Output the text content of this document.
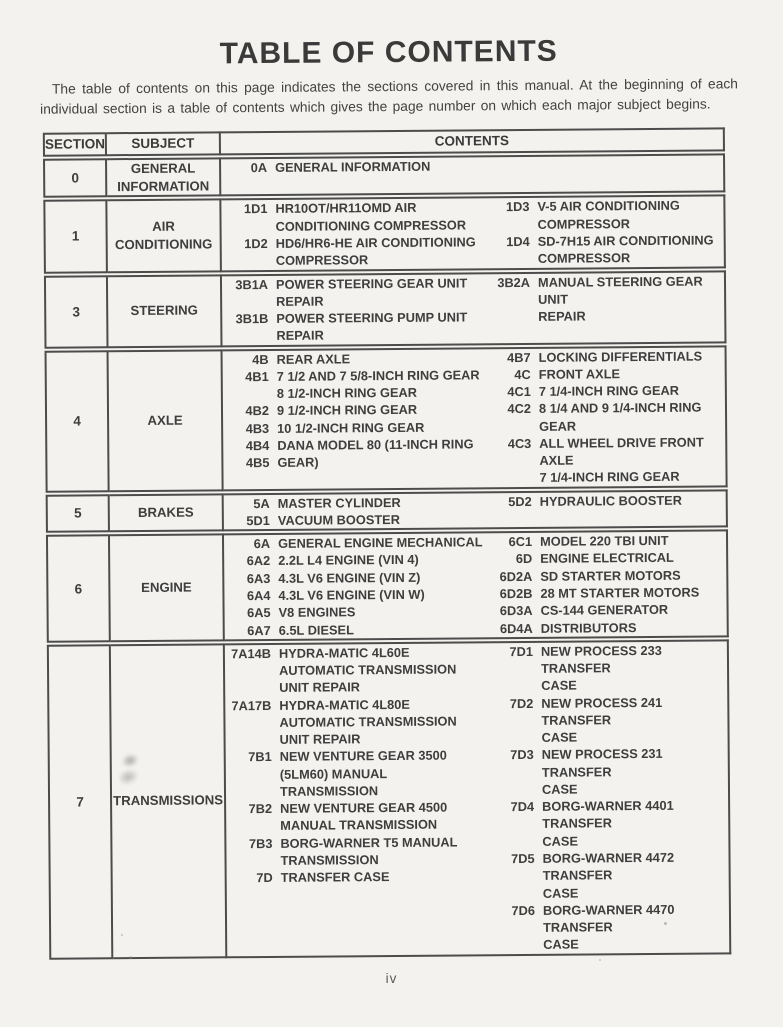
TABLE OF CONTENTS

The table of contents on this page indicates the sections covered in this manual. At the beginning of each individual section is a table of contents which gives the page number on which each major subject begins.

SECTION	SUBJECT	CONTENTS
0	GENERAL
INFORMATION	0A GENERAL INFORMATION

1	AIR
CONDITIONING	
1D1 HR10OT/HR11OMD AIR
CONDITIONING COMPRESSOR
1D2 HD6/HR6-HE AIR CONDITIONING
COMPRESSOR
1D3 V-5 AIR CONDITIONING
COMPRESSOR
1D4 SD-7H15 AIR CONDITIONING
COMPRESSOR

3	STEERING	
3B1A POWER STEERING GEAR UNIT
REPAIR
3B1B POWER STEERING PUMP UNIT
REPAIR
3B2A MANUAL STEERING GEAR UNIT
REPAIR

4	AXLE	
4B REAR AXLE
4B1 7 1/2 AND 7 5/8-INCH RING GEAR
8 1/2-INCH RING GEAR
4B2 9 1/2-INCH RING GEAR
4B3 10 1/2-INCH RING GEAR
4B4 DANA MODEL 80 (11-INCH RING
4B5 GEAR)
4B7 LOCKING DIFFERENTIALS
4C FRONT AXLE
4C1 7 1/4-INCH RING GEAR
4C2 8 1/4 AND 9 1/4-INCH RING
GEAR
4C3 ALL WHEEL DRIVE FRONT AXLE
7 1/4-INCH RING GEAR

5	BRAKES	
5A MASTER CYLINDER
5D1 VACUUM BOOSTER
5D2 HYDRAULIC BOOSTER

6	ENGINE	
6A GENERAL ENGINE MECHANICAL
6A2 2.2L L4 ENGINE (VIN 4)
6A3 4.3L V6 ENGINE (VIN Z)
6A4 4.3L V6 ENGINE (VIN W)
6A5 V8 ENGINES
6A7 6.5L DIESEL
6C1 MODEL 220 TBI UNIT
6D ENGINE ELECTRICAL
6D2A SD STARTER MOTORS
6D2B 28 MT STARTER MOTORS
6D3A CS-144 GENERATOR
6D4A DISTRIBUTORS

7	TRANSMISSIONS	
7A14B HYDRA-MATIC 4L60E
AUTOMATIC TRANSMISSION
UNIT REPAIR
7A17B HYDRA-MATIC 4L80E
AUTOMATIC TRANSMISSION
UNIT REPAIR
7B1 NEW VENTURE GEAR 3500
(5LM60) MANUAL
TRANSMISSION
7B2 NEW VENTURE GEAR 4500
MANUAL TRANSMISSION
7B3 BORG-WARNER T5 MANUAL
TRANSMISSION
7D TRANSFER CASE
7D1 NEW PROCESS 233 TRANSFER
CASE
7D2 NEW PROCESS 241 TRANSFER
CASE
7D3 NEW PROCESS 231 TRANSFER
CASE
7D4 BORG-WARNER 4401 TRANSFER
CASE
7D5 BORG-WARNER 4472 TRANSFER
CASE
7D6 BORG-WARNER 4470 TRANSFER
CASE
iv
